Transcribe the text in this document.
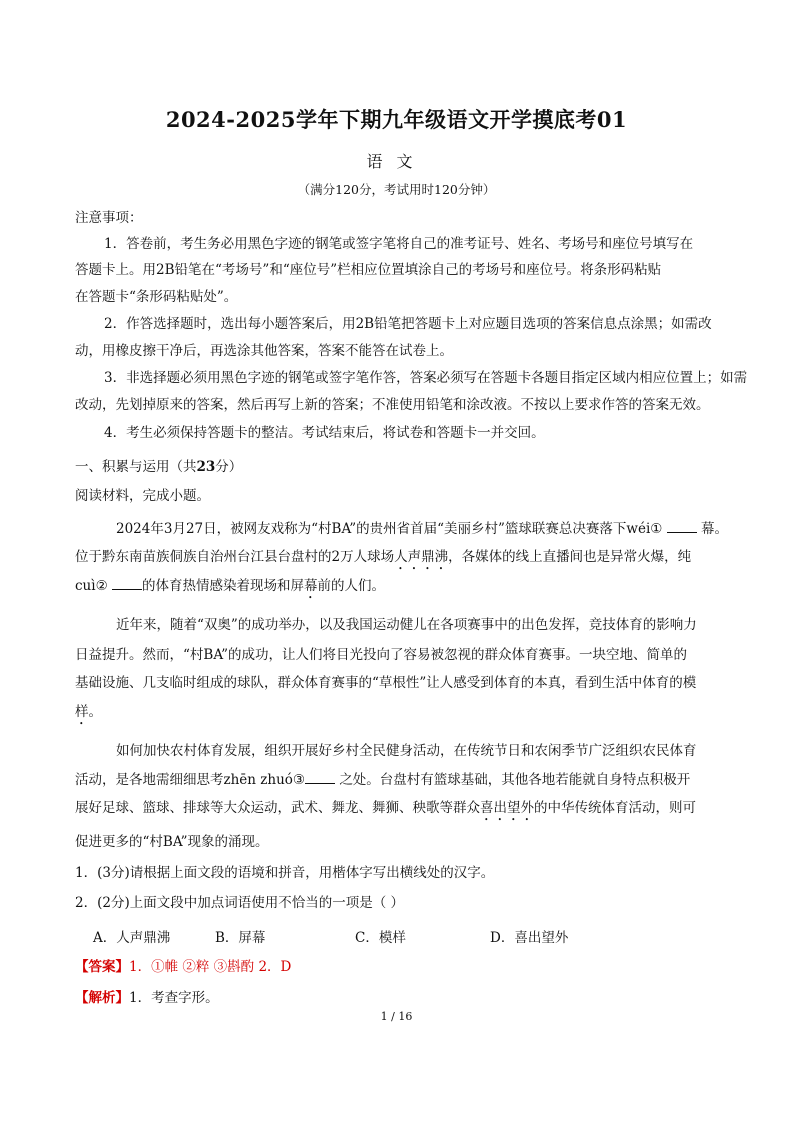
2024-2025学年下期九年级语文开学摸底考01
语文
（满分120分，考试用时120分钟）
注意事项：
1．答卷前，考生务必用黑色字迹的钢笔或签字笔将自己的准考证号、姓名、考场号和座位号填写在
答题卡上。用2B铅笔在“考场号”和“座位号”栏相应位置填涂自己的考场号和座位号。将条形码粘贴
在答题卡“条形码粘贴处”。
2．作答选择题时，选出每小题答案后，用2B铅笔把答题卡上对应题目选项的答案信息点涂黑；如需改
动，用橡皮擦干净后，再选涂其他答案，答案不能答在试卷上。
3．非选择题必须用黑色字迹的钢笔或签字笔作答，答案必须写在答题卡各题目指定区域内相应位置上；如需
改动，先划掉原来的答案，然后再写上新的答案；不准使用铅笔和涂改液。不按以上要求作答的答案无效。
4．考生必须保持答题卡的整洁。考试结束后，将试卷和答题卡一并交回。
一、积累与运用（共23分）
阅读材料，完成小题。
2024年3月27日，被网友戏称为“村BA”的贵州省首届“美丽乡村”篮球联赛总决赛落下wéi①	幕。
位于黔东南苗族侗族自治州台江县台盘村的2万人球场人声鼎沸，各媒体的线上直播间也是异常火爆，纯
cuì②	的体育热情感染着现场和屏幕前的人们。
近年来，随着“双奥”的成功举办，以及我国运动健儿在各项赛事中的出色发挥，竞技体育的影响力
日益提升。然而，“村BA”的成功，让人们将目光投向了容易被忽视的群众体育赛事。一块空地、简单的
基础设施、几支临时组成的球队，群众体育赛事的“草根性”让人感受到体育的本真，看到生活中体育的模
样。
如何加快农村体育发展，组织开展好乡村全民健身活动，在传统节日和农闲季节广泛组织农民体育
活动，是各地需细细思考zhēn zhuó③	之处。台盘村有篮球基础，其他各地若能就自身特点积极开
展好足球、篮球、排球等大众运动，武术、舞龙、舞狮、秧歌等群众喜出望外的中华传统体育活动，则可
促进更多的“村BA”现象的涌现。
1．(3分)请根据上面文段的语境和拼音，用楷体字写出横线处的汉字。
2．(2分)上面文段中加点词语使用不恰当的一项是（ ）
A．人声鼎沸	B．屏幕	C．模样	D．喜出望外
【答案】1．①帷 ②粹 ③斟酌 2．D
【解析】1．考查字形。
1 / 16
